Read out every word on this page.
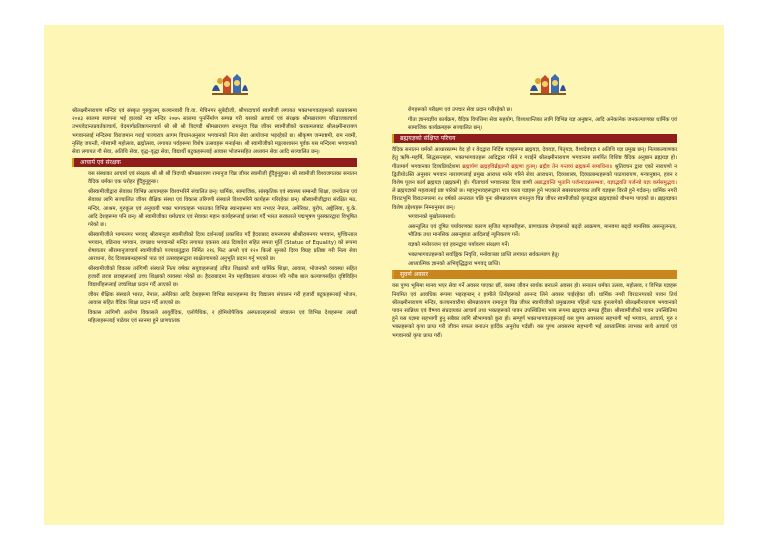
श्रीलक्ष्मीनारायण मन्दिर एवं संस्कृत गुरुकुलम् कञ्चनवारी वि.वा. मेचिनगर सुबेदीजी, श्रीपादाचार्य स्वामीजी लगायत भक्तभागवतहरूको सत्प्रयासमा २०४३ सालमा स्थापना भई हालको नव मन्दिर २०७५ सालमा पुनर्निर्माण सम्पन्न गरी यसको आचार्य एवं संरक्षक श्रीमन्नारायण परिव्राजकाचार्य उभयवेदान्तप्रवर्तकाचार्य, वेदमार्गप्रतिष्ठापनाचार्य श्री श्री श्री त्रिदण्डी श्रीमन्नारायण रामानुज चिन्न जीयर स्वामीजीको करकमलबाट श्रीलक्ष्मीनारायण भगवानलाई मन्दिरमा विराजमान गराई पाञ्चरात्र आगम विधानअनुसार भगवानको नित्य सेवा आयोजना भइरहेको छ। श्रीकृष्ण जन्माष्टमी, राम नवमी, नृसिंह जयन्ती, गोस्वामी महोत्सव, ब्रह्मोत्सव, लगायत पर्वहरूमा विशेष उत्सवहरू मनाईन्छ। श्री स्वामीजीको मङ्गलाशासन पूर्वक यस मन्दिरमा भगवानको सेवा लगायत गौ सेवा, अतिथि सेवा, वृद्ध–वृद्धा सेवा, विद्यार्थी बटुकहरूलाई आवास भोजनसहित अध्ययन सेवा आदि सञ्चालित छन्।

आचार्य एवं संरक्षक

यस संस्थाका आचार्य एवं संरक्षक श्री श्री श्री त्रिदण्डी श्रीमन्नारायण रामानुज चिन्न जीयर स्वामीजी हुँदैहुनुहुन्छ। श्री स्वामीजी विश्वजगतका सनातन वैदिक धर्मका एक धरोहर हुँदैहुनुहुन्छ।

श्रीस्वामीजीद्वारा सेवाका विभिन्न आयामहरू विश्वभरिनै संचालित छन्। धार्मिक, सामाजिक, सांस्कृतिक एवं स्वास्थ्य सम्बन्धी शिक्षा, जनचेतना एवं सेवाका लागि सञ्चालित जीयर शैक्षिक संस्था एवं विकास तरिंगणी संस्थाले विश्वभरिनै कार्यहरू गरिरहेका छन्। श्रीस्वामीजीद्वारा संरक्षित मठ, मन्दिर, आश्रम, गुरुकुल एवं अनुयायी भक्त भागवतहरू भारतका विभिन्न स्थानहरूमा मात्र नभएर नेपाल, अमेरिका, युरोप, अष्ट्रेलिया, यु.के. आदि देशहरूमा पनि छन्। श्री स्वामीजीका धर्मप्रचार एवं सेवाका महान कार्यहरूलाई प्रशंसा गर्दै भारत सरकारले पद्मभूषण पुरस्कारद्वारा विभूषित गरेको छ।

श्रीस्वामीजीले भाग्यनगर भगवद् श्रीरामानुज स्वामीजीको दिव्य दर्शनलाई प्रकाशित गर्दै हैदराबाद रामनगरमा श्रीश्रीरामनगर भगवान, मुच्चिन्ताल भगवान, वडिनाथ भगवान, जगन्नाथ भगवान्को मन्दिर लगायत एकसय आठ दिव्यदेश सहित समता मूर्ति (Statue of Equality) को रूपमा शेषावतार श्रीरामानुजाचार्य स्वामीजीको पञ्चधातुद्वारा निर्मित २१६ फिट अग्लो एवं १२० किलो सुनको दिव्य विग्रह प्रतिष्ठा गरी नित्य सेवा आराधना, वेद दिव्यप्रबन्धहरूको पाठ एवं उत्सवहरूद्वारा साक्षेतगामको अनुभूति प्रदान गर्नु भएको छ।

श्रीस्वामीजीको विकास तरंगिणी संस्थाले नित्य वर्षका सयुवाहरूलाई उचित शिक्षाको साथै धार्मिक शिक्षा, आवास, भोजनको व्यवस्था सहित हजारौं छात्रा छात्रहरूलाई उच्च शिक्षाको व्यवस्था गरेको छ। हैदराबादमा नेत्र महाविद्यालय संचालन गरि गरीब बाल कल्याणसहित दृष्टिविहिन विद्यार्थीहरूलाई उच्चशिक्षा प्रदान गर्दै आएको छ।

जीयर शैक्षिक संस्थाले भारत, नेपाल, अमेरिका आदि देशहरूमा विभिन्न स्थानहरूमा वेद विद्यालय संचालन गरी हजारौं बटुकहरूलाई भोजन, आवास सहित वैदिक शिक्षा प्रदान गर्दै आएको छ।

विकास तरंगिणी आरोग्य विकासले आयुर्वेदिक, एलोपैथिक, र होमियोपैथिक अस्पतालहरूको संचालन एवं विभिन्न देशहरूमा लाखौं महिलाहरूलाई पाठेघर एवं स्तनमा हुने प्राणघातक

रोगहरूको परीक्षण एवं उपचार सेवा प्रदान गरीरहेको छ।

गीता ज्ञानयज्ञीय कार्यक्रम, वैदिक विपत्तिमा सेवा सहयोग, विश्वशान्तिका लागि विभिन्न यज्ञ अनुष्ठान, आदि अनेकानेक जनकल्याणका धार्मिक एवं सामाजिक कार्यक्रमहरू सञ्चालित छन्।

ब्रह्मयज्ञको संक्षिप्त परिचय

वैदिक सनातन धर्मको आधारस्तम्भ वेद हो र वेदद्वारा निर्दिष्ट यज्ञहरूमा ब्रह्मयज्ञ, देवयज्ञ, पितृयज्ञ, वैश्वदेवयज्ञ र अतिथि यज्ञ प्रमुख छन्। नित्यकल्याणका हेतु ऋषि–महर्षि, सिद्धसन्तहरू, भक्तभागवतहरू आदिद्वारा गरिने र गराईने श्रीलक्ष्मीनारायण भगवानमा समर्पित विशिष्ट वैदिक अनुष्ठान ब्रह्मयज्ञ हो। गीतामार्ग भगवानका दिव्यप्रियदेशमा ब्रह्मार्पणं ब्रह्महविर्ब्रह्माग्नौ ब्रह्मणा हुतम्। ब्रह्मैव तेन गन्तव्यं ब्रह्मकर्म समाधिना॥ श्रुतिवचन द्वारा एको नारायणो न द्वितीयोऽस्ति अनुसार भगवान नारायणलाई प्रमुख आराध्य मानेर गरिने सेवा आराधना, दिव्यशास्त्र, दिव्यप्रबन्धहरूको पाठपारायण, मन्त्रानुष्ठान, हवन र विशेष पूजन कार्य ब्रह्मयज्ञ (ब्रह्मकर्म) हो। गीताचार्य भगवानका दिव्य वाणी अन्नाद्भवन्ति भूतानि पर्जन्यादन्नसम्भवः, यज्ञाद्भवति पर्जन्यो यज्ञः कर्मसमुद्भवः। ले ब्रह्मयज्ञको महत्वलाई प्रष्ट पारेको छ। महानुभावहरूद्वारा मात्र यस्ता यज्ञहरू हुने भएकाले सबसाधारणका लागि यज्ञहरू विरलै हुने गर्दछन्। धार्मिक नगरी विराटभूमि विराटनगरमा २४ वर्षको अन्तराल पछि पुनः श्रीमन्नारायण रामानुज चिन्न जीयर स्वामीजीको कृपाद्वारा ब्रह्मयज्ञको यौभाग्य पाएको छ। ब्रह्मयज्ञका विशेष उद्देश्यहरू निम्नानुसार छन्।

भगवानको मुखोल्लासार्थ।

असन्तुलित एवं दूषित पर्यावरणका कारण सृजित महामारीहरू, प्राणघातक रोगहरूको बढ्दो आक्रमण, मानवमा बढ्दो मानसिक असन्तुलनता, भौतिक तथा मानसिक असन्तुष्टता आदिलाई न्यूनिकरण गर्ने।

यज्ञको मनोरञ्जन एवं हवनद्वारा पर्यावरण संरक्षण गर्ने।

भक्तभागवतहरूको सर्वाङ्गिक निवृत्ति, मनोवाञ्छा प्राप्ति लगायत सर्वकल्याण हेतु।

आध्यात्मिक ज्ञानको अभिवृद्धिद्वारा भगवद् प्राप्ति।

सुवर्ण अवसर

यस पुण्य भूमिमा मानव भएर सेवा गर्ने अवसर पाएका छौं, यसमा जीवन सार्थक बनाउने अवसर हो। सनातन धर्मका उत्सव, महोत्सव, र विभिन्न यज्ञहरू नियमित एवं आवधिक रूपमा भइरहन्छन् र हामीले तिनीहरूको आनन्द लिने अवसर पाईरहेका छौं। धार्मिक नगरी विराटनगरको पावन तिर्थ श्रीलक्ष्मीनारायण मन्दिर, कञ्चनवारीमा श्रीमन्नारायण रामानुज चिन्न जीयर स्वामीजीको प्रमुखत्वमा पहिलो पटक हुनलागेको श्रीलक्ष्मीनारायण भगवानको पावन सान्निध्य एवं वैष्णव संप्रदायका आचार्य तथा भक्तहरूको पावन उपस्थितिमा भव्य रूपमा ब्रह्मयज्ञ सम्पन्न हुँदैछ। श्रीस्वामीजीको पावन उपस्थितिमा हुने यस यज्ञमा सहभागी हुनु सबैका लागि सौभाग्यको कुरा हो। सम्पूर्ण भक्तभागवतहरूलाई यस पुण्य अवसरमा सहभागी भई भगवान, आचार्य, गुरु र भक्तहरूको कृपा प्राप्त गरी जीवन सफल बनाउन हार्दिक अनुरोध गर्दछौं। यस पुण्य अवसरमा सहभागी भई आध्यात्मिक लाभका साथै आचार्य एवं भगवानको कृपा प्राप्त गरौं।
